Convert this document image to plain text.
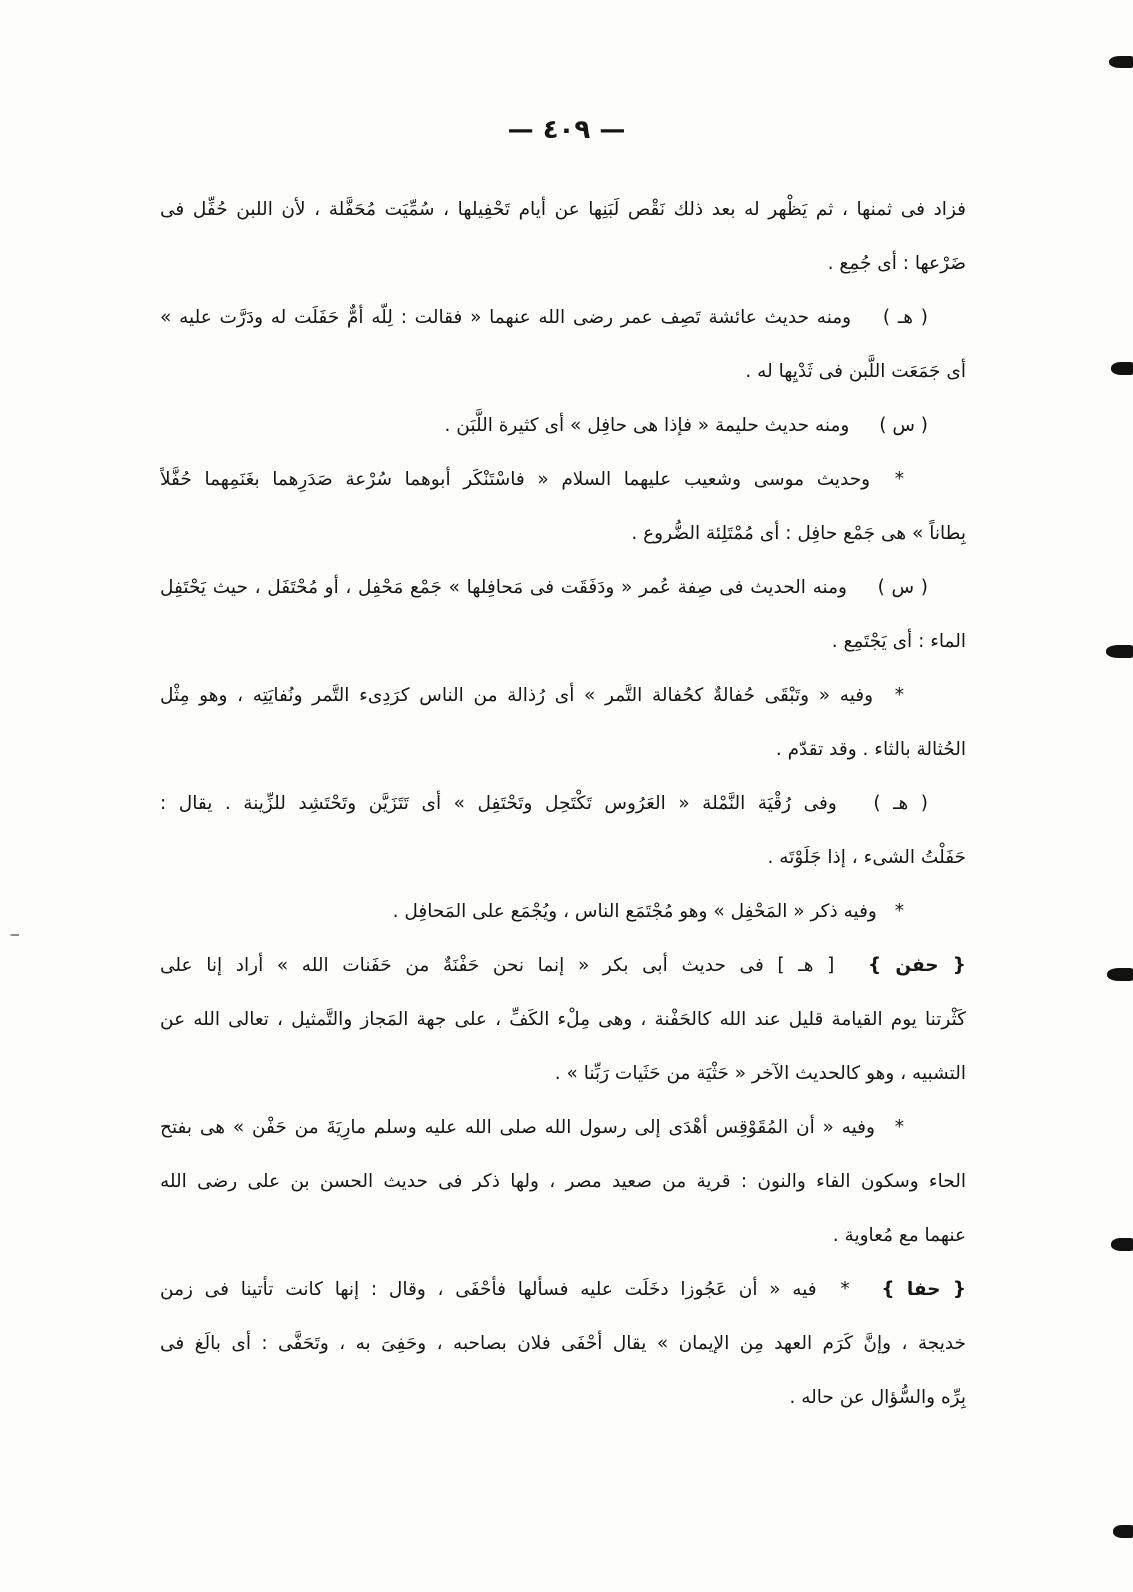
— ٤٠٩ —
فزاد فى ثمنها ، ثم يَظْهر له بعد ذلك نَقْص لَبَنِها عن أيام تَحْفِيلها ، سُمِّيَت مُحَفَّلة ، لأن اللبن حُفِّل فى
ضَرْعها : أى جُمِع .
( هـ ) ومنه حديث عائشة تَصِف عمر رضى الله عنهما « فقالت : لِلّه أمٌّ حَفَلَت له ودَرَّت عليه »
أى جَمَعَت اللَّبن فى ثَدْيِها له .
( س ) ومنه حديث حليمة « فإذا هى حافِل » أى كثيرة اللَّبَن .
* وحديث موسى وشعيب عليهما السلام « فاسْتَنْكَر أبوهما سُرْعة صَدَرِهما بغَنَمِهما حُفَّلاً
بِطاناً » هى جَمْع حافِل : أى مُمْتَلِئة الضُّروع .
( س ) ومنه الحديث فى صِفة عُمر « ودَفَقَت فى مَحافِلها » جَمْع مَحْفِل ، أو مُحْتَفَل ، حيث يَحْتَفِل
الماء : أى يَجْتَمِع .
* وفيه « وتَبْقَى حُفالةٌ كحُفالة التَّمر » أى رُذالة من الناس كرَدِىء التَّمر ونُفايَتِه ، وهو مِثْل
الحُثالة بالثاء . وقد تقدّم .
( هـ ) وفى رُقْيَة النَّمْلة « العَرُوس تَكْتَحِل وتَحْتَفِل » أى تَتَزَيَّن وتَحْتَشِد للزِّينة . يقال :
حَفَلْتُ الشىء ، إذا جَلَوْتَه .
* وفيه ذكر « المَحْفِل » وهو مُجْتَمَع الناس ، ويُجْمَع على المَحافِل .
{ حفن } [ هـ ] فى حديث أبى بكر « إنما نحن حَفْنَةٌ من حَفَنات الله » أراد إنا على
كَثْرتنا يوم القيامة قليل عند الله كالحَفْنة ، وهى مِلْء الكَفِّ ، على جهة المَجاز والتَّمثيل ، تعالى الله عن
التشبيه ، وهو كالحديث الآخر « حَثْيَة من حَثَيات رَبِّنا » .
* وفيه « أن المُقَوْقِس أهْدَى إلى رسول الله صلى الله عليه وسلم مارِيَةَ من حَفْن » هى بفتح
الحاء وسكون الفاء والنون : قرية من صعيد مصر ، ولها ذكر فى حديث الحسن بن على رضى الله
عنهما مع مُعاوية .
{ حفا } * فيه « أن عَجُوزا دخَلَت عليه فسألها فأحْفَى ، وقال : إنها كانت تأتينا فى زمن
خديجة ، وإنَّ كَرَم العهد مِن الإيمان » يقال أحْفَى فلان بصاحبه ، وحَفِىَ به ، وتَحَفَّى : أى بالَغ فى
بِرِّه والسُّؤال عن حاله .
